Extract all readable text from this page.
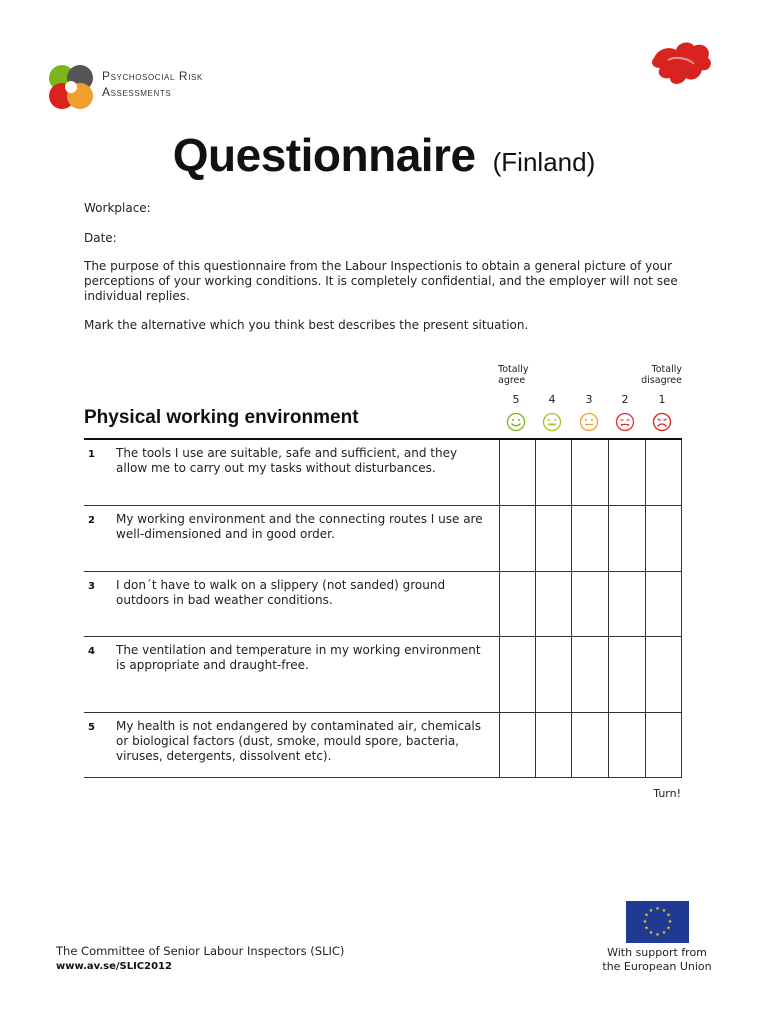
Psychosocial Risk
Assessments
Questionnaire (Finland)
Workplace:
Date:
The purpose of this questionnaire from the Labour Inspectionis to obtain a general picture of your perceptions of your working conditions. It is completely confidential, and the employer will not see individual replies.
Mark the alternative which you think best describes the present situation.
Totally agree
Totally disagree
5	4	3	2	1
Physical working environment
1 The tools I use are suitable, safe and sufficient, and they allow me to carry out my tasks without disturbances.
2 My working environment and the connecting routes I use are well-dimensioned and in good order.
3 I don´t have to walk on a slippery (not sanded) ground outdoors in bad weather conditions.
4 The ventilation and temperature in my working environment is appropriate and draught-free.
5 My health is not endangered by contaminated air, chemicals or biological factors (dust, smoke, mould spore, bacteria, viruses, detergents, dissolvent etc).
Turn!
The Committee of Senior Labour Inspectors (SLIC)
www.av.se/SLIC2012
★ ★
★
★
★
★
★
★
★
★
★
★
With support from the European Union
